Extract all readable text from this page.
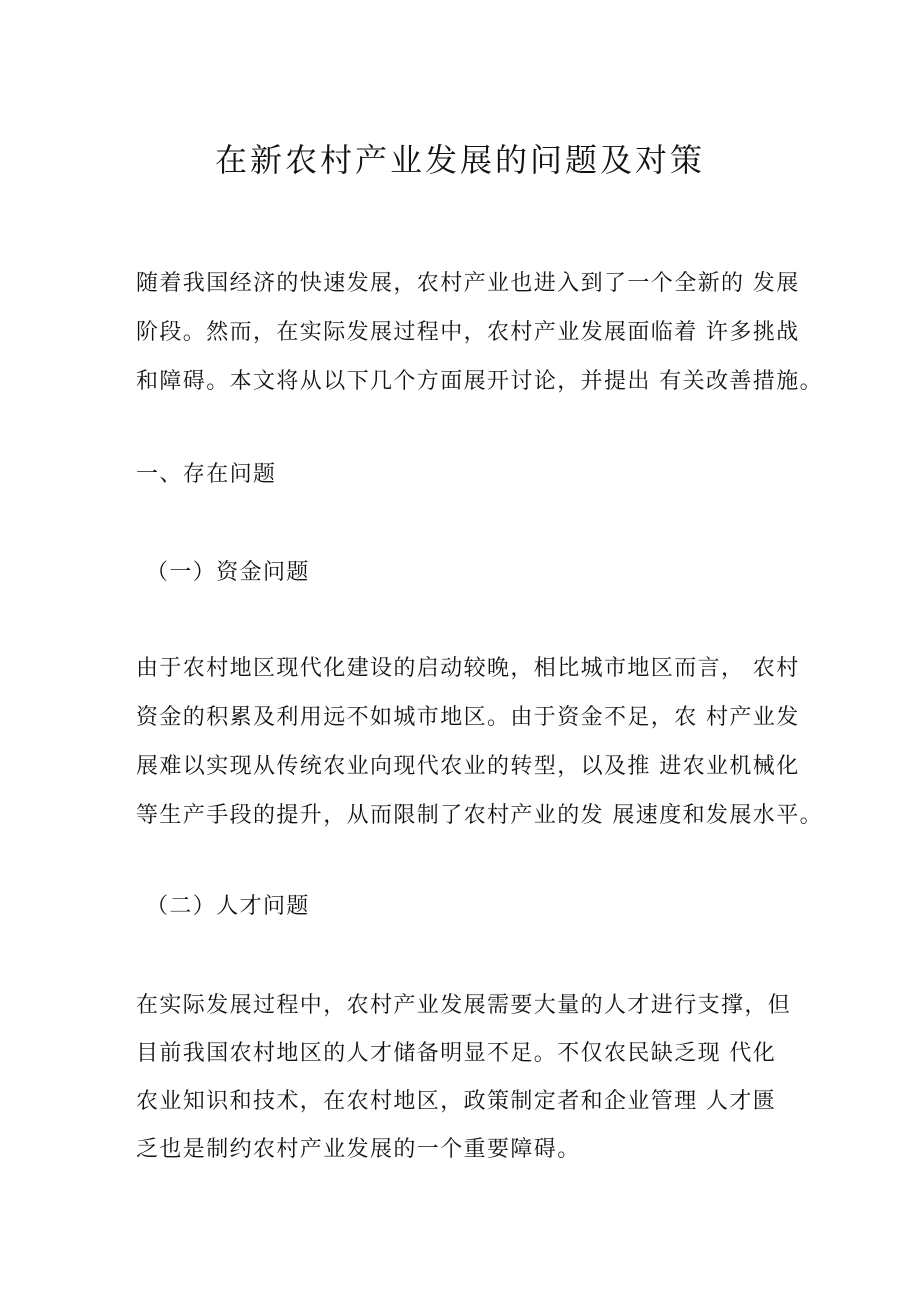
在新农村产业发展的问题及对策
随着我国经济的快速发展，农村产业也进入到了一个全新的 发展
阶段。然而，在实际发展过程中，农村产业发展面临着 许多挑战
和障碍。本文将从以下几个方面展开讨论，并提出 有关改善措施。
一、存在问题
（一）资金问题
由于农村地区现代化建设的启动较晚，相比城市地区而言， 农村
资金的积累及利用远不如城市地区。由于资金不足，农 村产业发
展难以实现从传统农业向现代农业的转型，以及推 进农业机械化
等生产手段的提升，从而限制了农村产业的发 展速度和发展水平。
（二）人才问题
在实际发展过程中，农村产业发展需要大量的人才进行支撑，但
目前我国农村地区的人才储备明显不足。不仅农民缺乏现 代化
农业知识和技术，在农村地区，政策制定者和企业管理 人才匮
乏也是制约农村产业发展的一个重要障碍。
